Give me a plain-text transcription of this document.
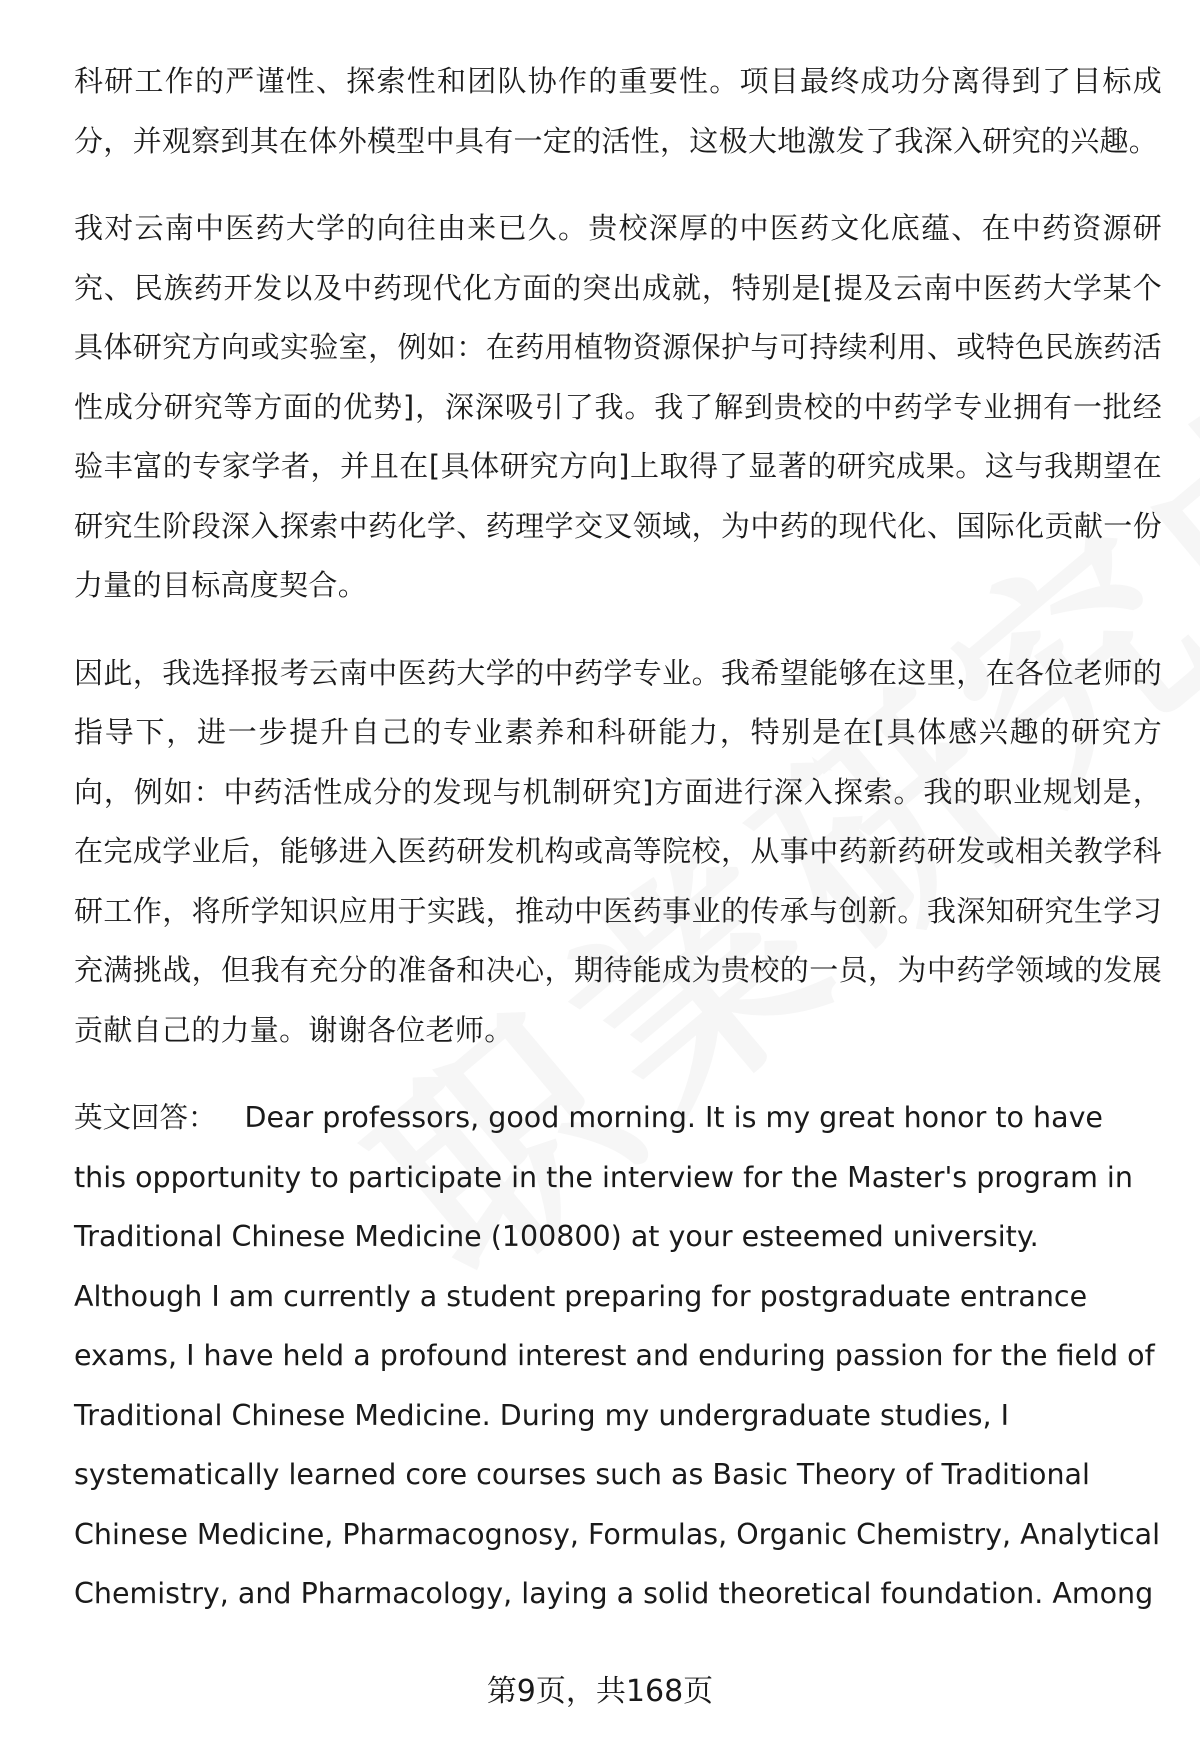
科研工作的严谨性、探索性和团队协作的重要性。项目最终成功分离得到了目标成分，并观察到其在体外模型中具有一定的活性，这极大地激发了我深入研究的兴趣。

我对云南中医药大学的向往由来已久。贵校深厚的中医药文化底蕴、在中药资源研究、民族药开发以及中药现代化方面的突出成就，特别是[提及云南中医药大学某个具体研究方向或实验室，例如：在药用植物资源保护与可持续利用、或特色民族药活性成分研究等方面的优势]，深深吸引了我。我了解到贵校的中药学专业拥有一批经验丰富的专家学者，并且在[具体研究方向]上取得了显著的研究成果。这与我期望在研究生阶段深入探索中药化学、药理学交叉领域，为中药的现代化、国际化贡献一份力量的目标高度契合。

因此，我选择报考云南中医药大学的中药学专业。我希望能够在这里，在各位老师的指导下，进一步提升自己的专业素养和科研能力，特别是在[具体感兴趣的研究方向，例如：中药活性成分的发现与机制研究]方面进行深入探索。我的职业规划是，在完成学业后，能够进入医药研发机构或高等院校，从事中药新药研发或相关教学科研工作，将所学知识应用于实践，推动中医药事业的传承与创新。我深知研究生学习充满挑战，但我有充分的准备和决心，期待能成为贵校的一员，为中药学领域的发展贡献自己的力量。谢谢各位老师。

英文回答： Dear professors, good morning. It is my great honor to have this opportunity to participate in the interview for the Master's program in Traditional Chinese Medicine (100800) at your esteemed university. Although I am currently a student preparing for postgraduate entrance exams, I have held a profound interest and enduring passion for the field of Traditional Chinese Medicine. During my undergraduate studies, I systematically learned core courses such as Basic Theory of Traditional Chinese Medicine, Pharmacognosy, Formulas, Organic Chemistry, Analytical Chemistry, and Pharmacology, laying a solid theoretical foundation. Among

第9页，共168页
